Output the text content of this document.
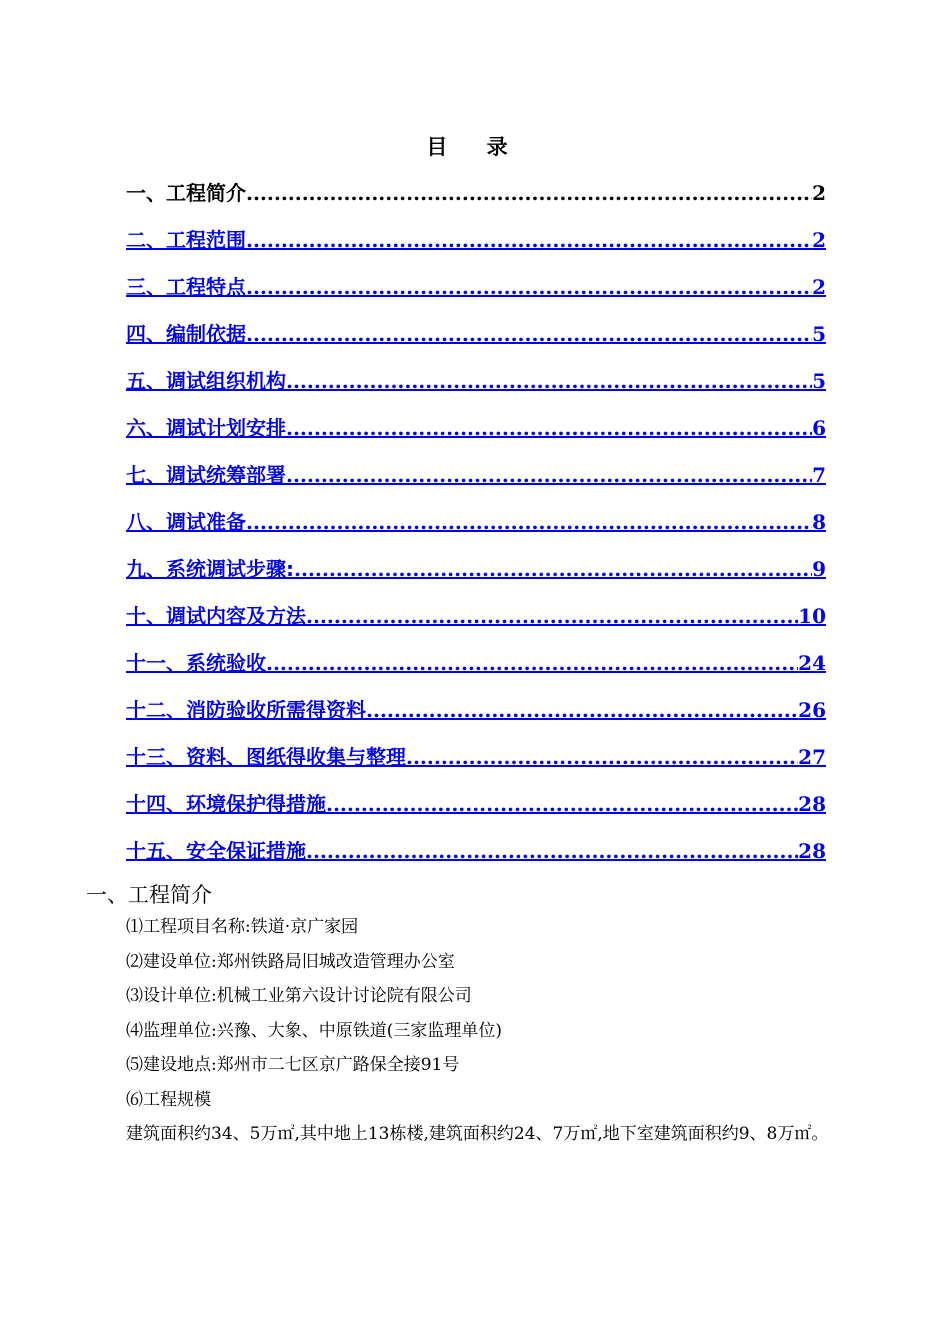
目 录
一、工程简介 .....	2
二、工程范围 .....	2
三、工程特点 .....	2
四、编制依据 .....	5
五、调试组织机构 .....	5
六、调试计划安排 .....	6
七、调试统筹部署 .....	7
八、调试准备 .....	8
九、系统调试步骤: .....	9
十、调试内容及方法 .....	10
十一、系统验收 .....	24
十二、消防验收所需得资料 .....	26
十三、资料、图纸得收集与整理 .....	27
十四、环境保护得措施 .....	28
十五、安全保证措施 .....	28
一、工程简介
⑴工程项目名称:铁道·京广家园
⑵建设单位:郑州铁路局旧城改造管理办公室
⑶设计单位:机械工业第六设计讨论院有限公司
⑷监理单位:兴豫、大象、中原铁道(三家监理单位)
⑸建设地点:郑州市二七区京广路保全接91号
⑹工程规模
建筑面积约34、5万㎡,其中地上13栋楼,建筑面积约24、7万㎡,地下室建筑面积约9、8万㎡。
